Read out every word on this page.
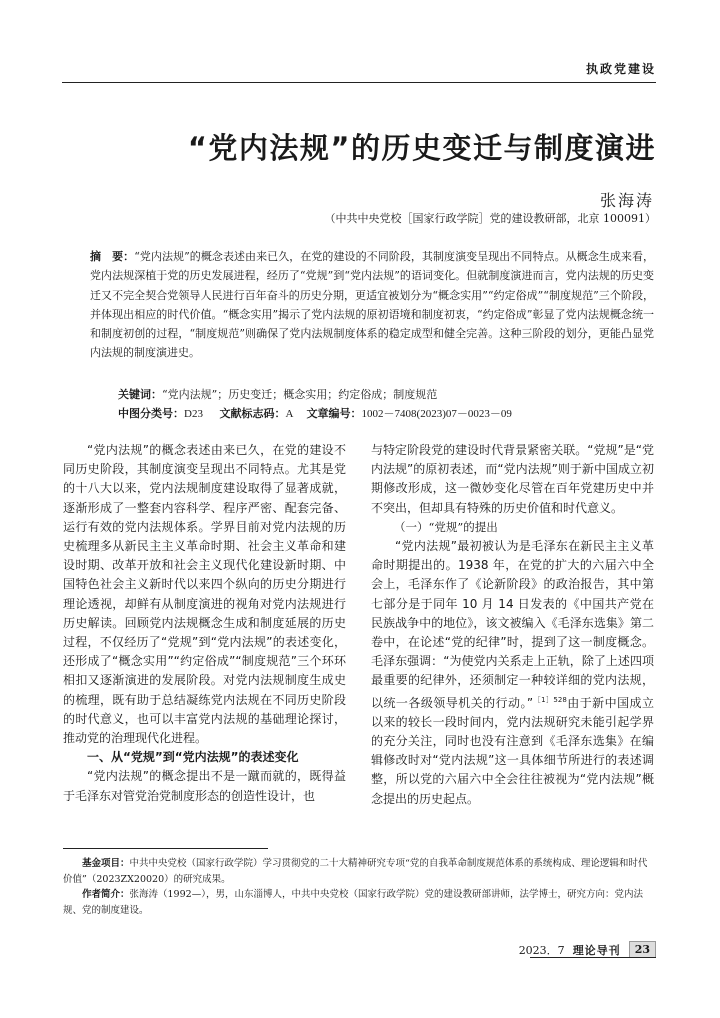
执政党建设
“党内法规”的历史变迁与制度演进
张海涛
（中共中央党校［国家行政学院］党的建设教研部，北京 100091）
摘　要：“党内法规”的概念表述由来已久，在党的建设的不同阶段，其制度演变呈现出不同特点。从概念生成来看，党内法规深植于党的历史发展进程，经历了“党规”到“党内法规”的语词变化。但就制度演进而言，党内法规的历史变迁又不完全契合党领导人民进行百年奋斗的历史分期，更适宜被划分为“概念实用”“约定俗成”“制度规范”三个阶段，并体现出相应的时代价值。“概念实用”揭示了党内法规的原初语境和制度初衷，“约定俗成”彰显了党内法规概念统一和制度初创的过程，“制度规范”则确保了党内法规制度体系的稳定成型和健全完善。这种三阶段的划分，更能凸显党内法规的制度演进史。
关键词：“党内法规”；历史变迁；概念实用；约定俗成；制度规范
中图分类号：D23 文献标志码：A 文章编号：1002－7408(2023)07－0023－09

“党内法规”的概念表述由来已久，在党的建设不同历史阶段，其制度演变呈现出不同特点。尤其是党的十八大以来，党内法规制度建设取得了显著成就，逐渐形成了一整套内容科学、程序严密、配套完备、运行有效的党内法规体系。学界目前对党内法规的历史梳理多从新民主主义革命时期、社会主义革命和建设时期、改革开放和社会主义现代化建设新时期、中国特色社会主义新时代以来四个纵向的历史分期进行理论透视，却鲜有从制度演进的视角对党内法规进行历史解读。回顾党内法规概念生成和制度延展的历史过程，不仅经历了“党规”到“党内法规”的表述变化，还形成了“概念实用”“约定俗成”“制度规范”三个环环相扣又逐渐演进的发展阶段。对党内法规制度生成史的梳理，既有助于总结凝练党内法规在不同历史阶段的时代意义，也可以丰富党内法规的基础理论探讨，推动党的治理现代化进程。

一、从“党规”到“党内法规”的表述变化

“党内法规”的概念提出不是一蹴而就的，既得益于毛泽东对管党治党制度形态的创造性设计，也

与特定阶段党的建设时代背景紧密关联。“党规”是“党内法规”的原初表述，而“党内法规”则于新中国成立初期修改形成，这一微妙变化尽管在百年党建历史中并不突出，但却具有特殊的历史价值和时代意义。

（一）“党规”的提出

“党内法规”最初被认为是毛泽东在新民主主义革命时期提出的。1938 年，在党的扩大的六届六中全会上，毛泽东作了《论新阶段》的政治报告，其中第七部分是于同年 10 月 14 日发表的《中国共产党在民族战争中的地位》，该文被编入《毛泽东选集》第二卷中，在论述“党的纪律”时，提到了这一制度概念。毛泽东强调：“为使党内关系走上正轨，除了上述四项最重要的纪律外，还须制定一种较详细的党内法规，以统一各级领导机关的行动。”$^{[1]528}$由于新中国成立以来的较长一段时间内，党内法规研究未能引起学界的充分关注，同时也没有注意到《毛泽东选集》在编辑修改时对“党内法规”这一具体细节所进行的表述调整，所以党的六届六中全会往往被视为“党内法规”概念提出的历史起点。

基金项目：中共中央党校（国家行政学院）学习贯彻党的二十大精神研究专项“党的自我革命制度规范体系的系统构成、理论逻辑和时代价值”（2023ZX20020）的研究成果。

作者简介：张海涛（1992—），男，山东淄博人，中共中央党校（国家行政学院）党的建设教研部讲师，法学博士，研究方向：党内法规、党的制度建设。

2023．7 理论导刊	23
